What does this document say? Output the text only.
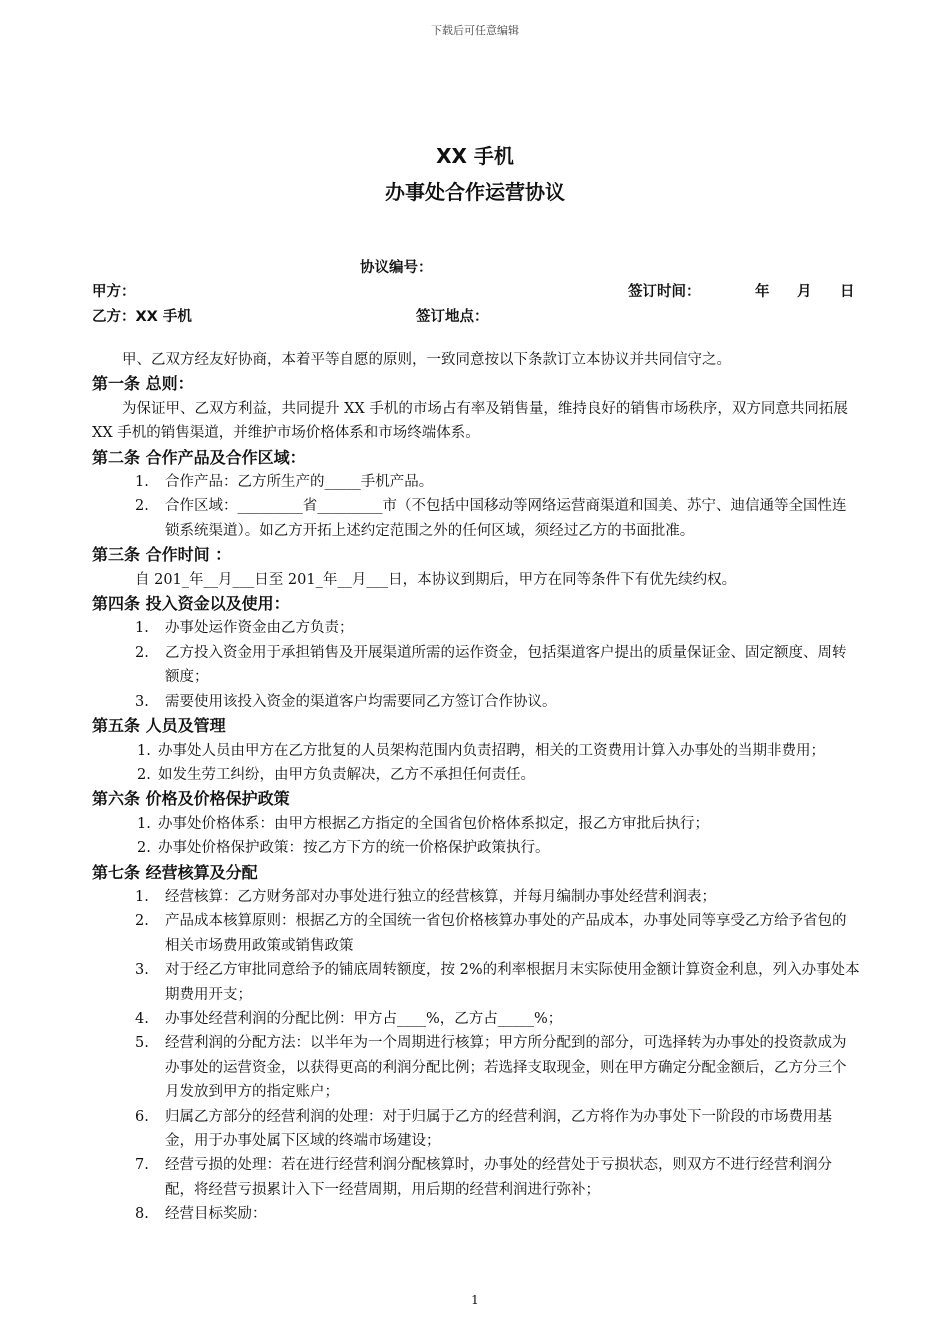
下载后可任意编辑
XX 手机
办事处合作运营协议
协议编号：
甲方：	签订时间：	年 月 日
乙方：XX 手机	签订地点：

甲、乙双方经友好协商，本着平等自愿的原则，一致同意按以下条款订立本协议并共同信守之。

第一条 总则：

为保证甲、乙双方利益，共同提升 XX 手机的市场占有率及销售量，维持良好的销售市场秩序，双方同意共同拓展 XX 手机的销售渠道，并维护市场价格体系和市场终端体系。

第二条 合作产品及合作区域：

1. 合作产品：乙方所生产的_____手机产品。

2. 合作区域：_________省_________市（不包括中国移动等网络运营商渠道和国美、苏宁、迪信通等全国性连锁系统渠道）。如乙方开拓上述约定范围之外的任何区域，须经过乙方的书面批准。

第三条 合作时间 ：

自 201_年__月___日至 201_年__月___日，本协议到期后，甲方在同等条件下有优先续约权。

第四条 投入资金以及使用：

1. 办事处运作资金由乙方负责；

2. 乙方投入资金用于承担销售及开展渠道所需的运作资金，包括渠道客户提出的质量保证金、固定额度、周转额度；

3. 需要使用该投入资金的渠道客户均需要同乙方签订合作协议。

第五条 人员及管理

1. 办事处人员由甲方在乙方批复的人员架构范围内负责招聘，相关的工资费用计算入办事处的当期非费用；

2. 如发生劳工纠纷，由甲方负责解决，乙方不承担任何责任。

第六条 价格及价格保护政策

1. 办事处价格体系：由甲方根据乙方指定的全国省包价格体系拟定，报乙方审批后执行；

2. 办事处价格保护政策：按乙方下方的统一价格保护政策执行。

第七条 经营核算及分配

1. 经营核算：乙方财务部对办事处进行独立的经营核算，并每月编制办事处经营利润表；

2. 产品成本核算原则：根据乙方的全国统一省包价格核算办事处的产品成本，办事处同等享受乙方给予省包的相关市场费用政策或销售政策

3. 对于经乙方审批同意给予的铺底周转额度，按 2%的利率根据月末实际使用金额计算资金利息，列入办事处本期费用开支；

4. 办事处经营利润的分配比例：甲方占____%，乙方占_____%；

5. 经营利润的分配方法：以半年为一个周期进行核算；甲方所分配到的部分，可选择转为办事处的投资款成为办事处的运营资金，以获得更高的利润分配比例；若选择支取现金，则在甲方确定分配金额后，乙方分三个月发放到甲方的指定账户；

6. 归属乙方部分的经营利润的处理：对于归属于乙方的经营利润，乙方将作为办事处下一阶段的市场费用基金，用于办事处属下区域的终端市场建设；

7. 经营亏损的处理：若在进行经营利润分配核算时，办事处的经营处于亏损状态，则双方不进行经营利润分配，将经营亏损累计入下一经营周期，用后期的经营利润进行弥补；

8. 经营目标奖励：

1
